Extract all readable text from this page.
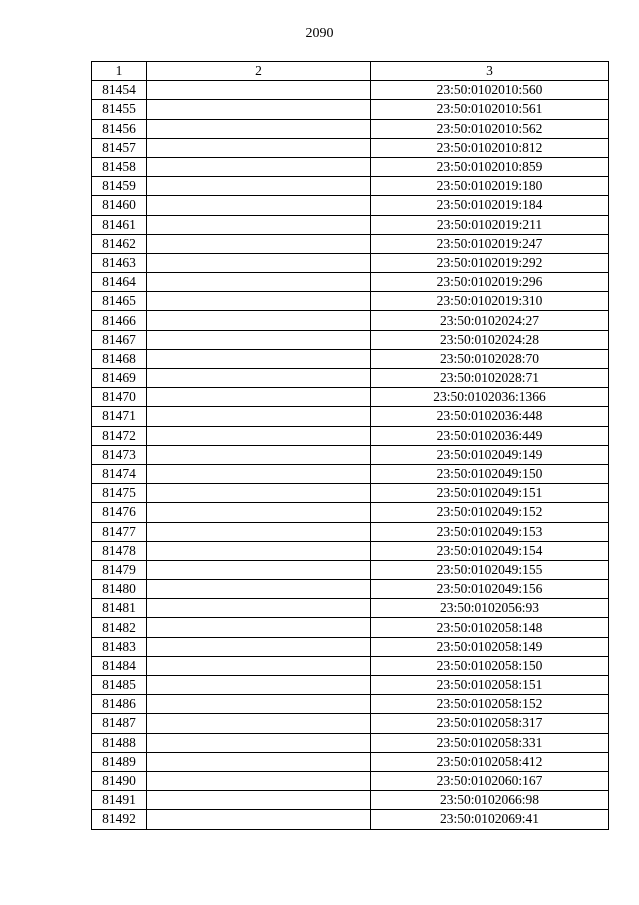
2090
1	2	3
81454		23:50:0102010:560
81455		23:50:0102010:561
81456		23:50:0102010:562
81457		23:50:0102010:812
81458		23:50:0102010:859
81459		23:50:0102019:180
81460		23:50:0102019:184
81461		23:50:0102019:211
81462		23:50:0102019:247
81463		23:50:0102019:292
81464		23:50:0102019:296
81465		23:50:0102019:310
81466		23:50:0102024:27
81467		23:50:0102024:28
81468		23:50:0102028:70
81469		23:50:0102028:71
81470		23:50:0102036:1366
81471		23:50:0102036:448
81472		23:50:0102036:449
81473		23:50:0102049:149
81474		23:50:0102049:150
81475		23:50:0102049:151
81476		23:50:0102049:152
81477		23:50:0102049:153
81478		23:50:0102049:154
81479		23:50:0102049:155
81480		23:50:0102049:156
81481		23:50:0102056:93
81482		23:50:0102058:148
81483		23:50:0102058:149
81484		23:50:0102058:150
81485		23:50:0102058:151
81486		23:50:0102058:152
81487		23:50:0102058:317
81488		23:50:0102058:331
81489		23:50:0102058:412
81490		23:50:0102060:167
81491		23:50:0102066:98
81492		23:50:0102069:41
